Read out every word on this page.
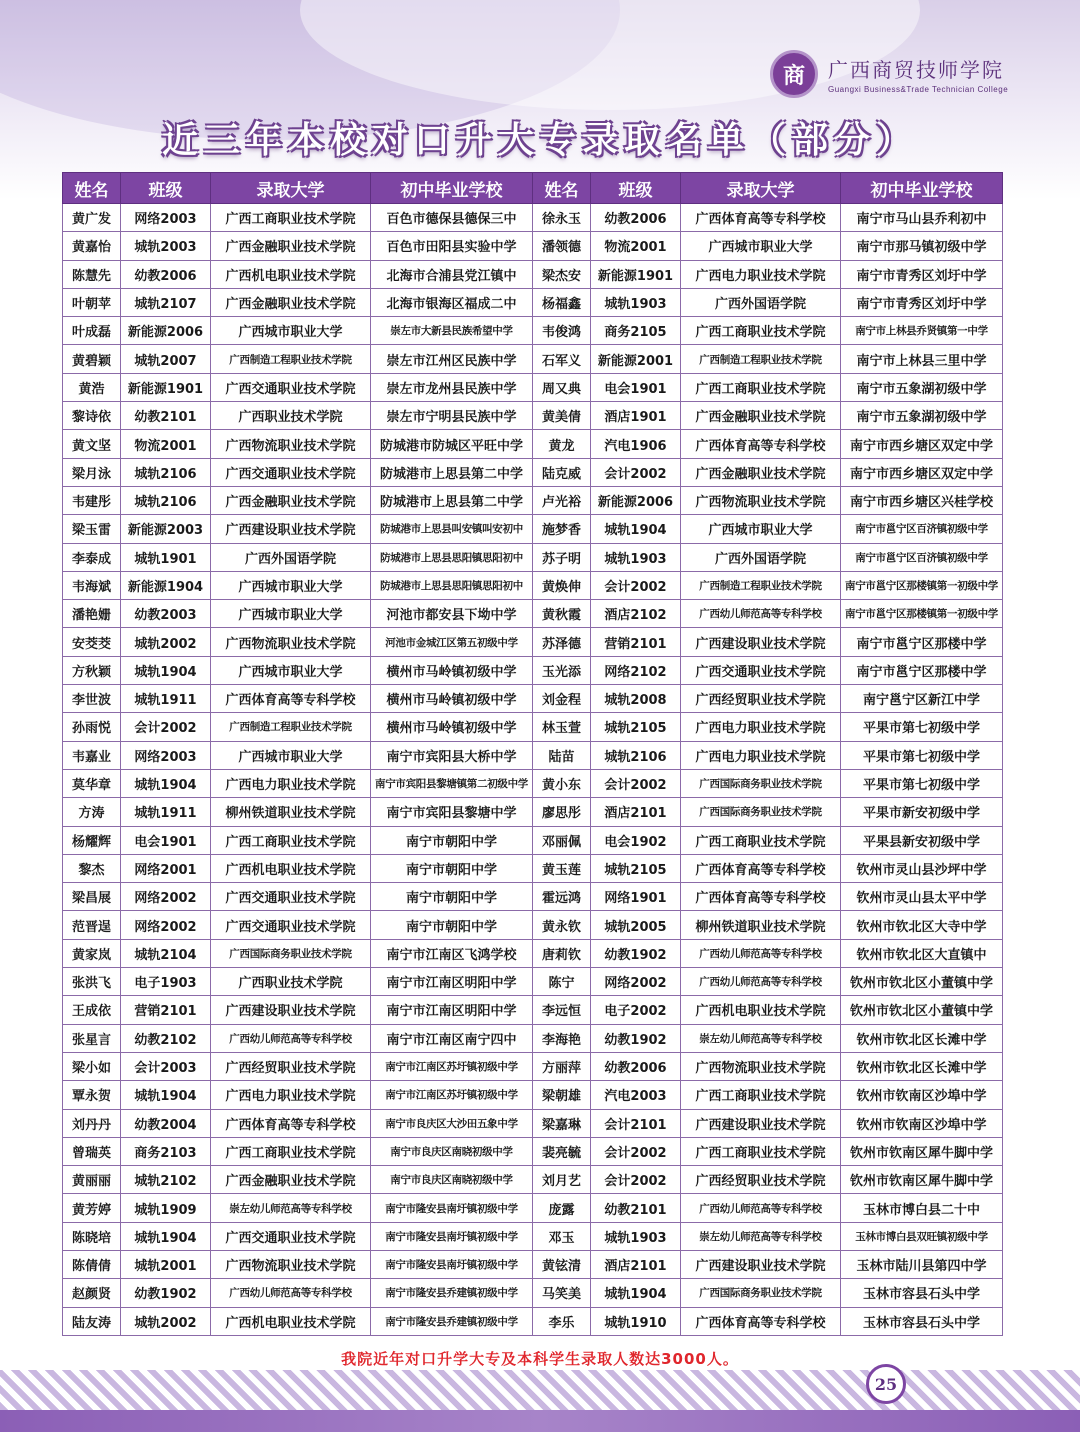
商	广西商贸技师学院
Guangxi Business&Trade Technician College
近三年本校对口升大专录取名单（部分）
姓名	班级	录取大学	初中毕业学校	姓名	班级	录取大学	初中毕业学校
黄广发	网络2003	广西工商职业技术学院	百色市德保县德保三中	徐永玉	幼教2006	广西体育高等专科学校	南宁市马山县乔利初中
黄嘉怡	城轨2003	广西金融职业技术学院	百色市田阳县实验中学	潘领德	物流2001	广西城市职业大学	南宁市那马镇初级中学
陈慧先	幼教2006	广西机电职业技术学院	北海市合浦县党江镇中	梁杰安	新能源1901	广西电力职业技术学院	南宁市青秀区刘圩中学
叶朝苹	城轨2107	广西金融职业技术学院	北海市银海区福成二中	杨福鑫	城轨1903	广西外国语学院	南宁市青秀区刘圩中学
叶成磊	新能源2006	广西城市职业大学	崇左市大新县民族希望中学	韦俊鸿	商务2105	广西工商职业技术学院	南宁市上林县乔贤镇第一中学
黄碧颖	城轨2007	广西制造工程职业技术学院	崇左市江州区民族中学	石军义	新能源2001	广西制造工程职业技术学院	南宁市上林县三里中学
黄浩	新能源1901	广西交通职业技术学院	崇左市龙州县民族中学	周又典	电会1901	广西工商职业技术学院	南宁市五象湖初级中学
黎诗依	幼教2101	广西职业技术学院	崇左市宁明县民族中学	黄美倩	酒店1901	广西金融职业技术学院	南宁市五象湖初级中学
黄文坚	物流2001	广西物流职业技术学院	防城港市防城区平旺中学	黄龙	汽电1906	广西体育高等专科学校	南宁市西乡塘区双定中学
梁月泳	城轨2106	广西交通职业技术学院	防城港市上思县第二中学	陆克威	会计2002	广西金融职业技术学院	南宁市西乡塘区双定中学
韦建彤	城轨2106	广西金融职业技术学院	防城港市上思县第二中学	卢光裕	新能源2006	广西物流职业技术学院	南宁市西乡塘区兴桂学校
梁玉雷	新能源2003	广西建设职业技术学院	防城港市上思县叫安镇叫安初中	施梦香	城轨1904	广西城市职业大学	南宁市邕宁区百济镇初级中学
李泰成	城轨1901	广西外国语学院	防城港市上思县思阳镇思阳初中	苏子明	城轨1903	广西外国语学院	南宁市邕宁区百济镇初级中学
韦海斌	新能源1904	广西城市职业大学	防城港市上思县思阳镇思阳初中	黄焕伸	会计2002	广西制造工程职业技术学院	南宁市邕宁区那楼镇第一初级中学
潘艳姗	幼教2003	广西城市职业大学	河池市都安县下坳中学	黄秋霞	酒店2102	广西幼儿师范高等专科学校	南宁市邕宁区那楼镇第一初级中学
安茭茭	城轨2002	广西物流职业技术学院	河池市金城江区第五初级中学	苏泽德	营销2101	广西建设职业技术学院	南宁市邕宁区那楼中学
方秋颖	城轨1904	广西城市职业大学	横州市马岭镇初级中学	玉光添	网络2102	广西交通职业技术学院	南宁市邕宁区那楼中学
李世波	城轨1911	广西体育高等专科学校	横州市马岭镇初级中学	刘金程	城轨2008	广西经贸职业技术学院	南宁邕宁区新江中学
孙雨悦	会计2002	广西制造工程职业技术学院	横州市马岭镇初级中学	林玉萱	城轨2105	广西电力职业技术学院	平果市第七初级中学
韦嘉业	网络2003	广西城市职业大学	南宁市宾阳县大桥中学	陆苗	城轨2106	广西电力职业技术学院	平果市第七初级中学
莫华章	城轨1904	广西电力职业技术学院	南宁市宾阳县黎塘镇第二初级中学	黄小东	会计2002	广西国际商务职业技术学院	平果市第七初级中学
方涛	城轨1911	柳州铁道职业技术学院	南宁市宾阳县黎塘中学	廖思彤	酒店2101	广西国际商务职业技术学院	平果市新安初级中学
杨耀辉	电会1901	广西工商职业技术学院	南宁市朝阳中学	邓丽佩	电会1902	广西工商职业技术学院	平果县新安初级中学
黎杰	网络2001	广西机电职业技术学院	南宁市朝阳中学	黄玉莲	城轨2105	广西体育高等专科学校	钦州市灵山县沙坪中学
梁昌展	网络2002	广西交通职业技术学院	南宁市朝阳中学	霍远鸿	网络1901	广西体育高等专科学校	钦州市灵山县太平中学
范晋逞	网络2002	广西交通职业技术学院	南宁市朝阳中学	黄永钦	城轨2005	柳州铁道职业技术学院	钦州市钦北区大寺中学
黄家岚	城轨2104	广西国际商务职业技术学院	南宁市江南区飞鸿学校	唐莉钦	幼教1902	广西幼儿师范高等专科学校	钦州市钦北区大直镇中
张洪飞	电子1903	广西职业技术学院	南宁市江南区明阳中学	陈宁	网络2002	广西幼儿师范高等专科学校	钦州市钦北区小董镇中学
王成依	营销2101	广西建设职业技术学院	南宁市江南区明阳中学	李远恒	电子2002	广西机电职业技术学院	钦州市钦北区小董镇中学
张星言	幼教2102	广西幼儿师范高等专科学校	南宁市江南区南宁四中	李海艳	幼教1902	崇左幼儿师范高等专科学校	钦州市钦北区长滩中学
梁小如	会计2003	广西经贸职业技术学院	南宁市江南区苏圩镇初级中学	方丽萍	幼教2006	广西物流职业技术学院	钦州市钦北区长滩中学
覃永贺	城轨1904	广西电力职业技术学院	南宁市江南区苏圩镇初级中学	梁朝雄	汽电2003	广西工商职业技术学院	钦州市钦南区沙埠中学
刘丹丹	幼教2004	广西体育高等专科学校	南宁市良庆区大沙田五象中学	梁嘉琳	会计2101	广西建设职业技术学院	钦州市钦南区沙埠中学
曾瑞英	商务2103	广西工商职业技术学院	南宁市良庆区南晓初级中学	裴亮毓	会计2002	广西工商职业技术学院	钦州市钦南区犀牛脚中学
黄丽丽	城轨2102	广西金融职业技术学院	南宁市良庆区南晓初级中学	刘月艺	会计2002	广西经贸职业技术学院	钦州市钦南区犀牛脚中学
黄芳婷	城轨1909	崇左幼儿师范高等专科学校	南宁市隆安县南圩镇初级中学	庞露	幼教2101	广西幼儿师范高等专科学校	玉林市博白县二十中
陈晓培	城轨1904	广西交通职业技术学院	南宁市隆安县南圩镇初级中学	邓玉	城轨1903	崇左幼儿师范高等专科学校	玉林市博白县双旺镇初级中学
陈倩倩	城轨2001	广西物流职业技术学院	南宁市隆安县南圩镇初级中学	黄铉清	酒店2101	广西建设职业技术学院	玉林市陆川县第四中学
赵颜贤	幼教1902	广西幼儿师范高等专科学校	南宁市隆安县乔建镇初级中学	马笑美	城轨1904	广西国际商务职业技术学院	玉林市容县石头中学
陆友涛	城轨2002	广西机电职业技术学院	南宁市隆安县乔建镇初级中学	李乐	城轨1910	广西体育高等专科学校	玉林市容县石头中学
我院近年对口升学大专及本科学生录取人数达3000人。
25
